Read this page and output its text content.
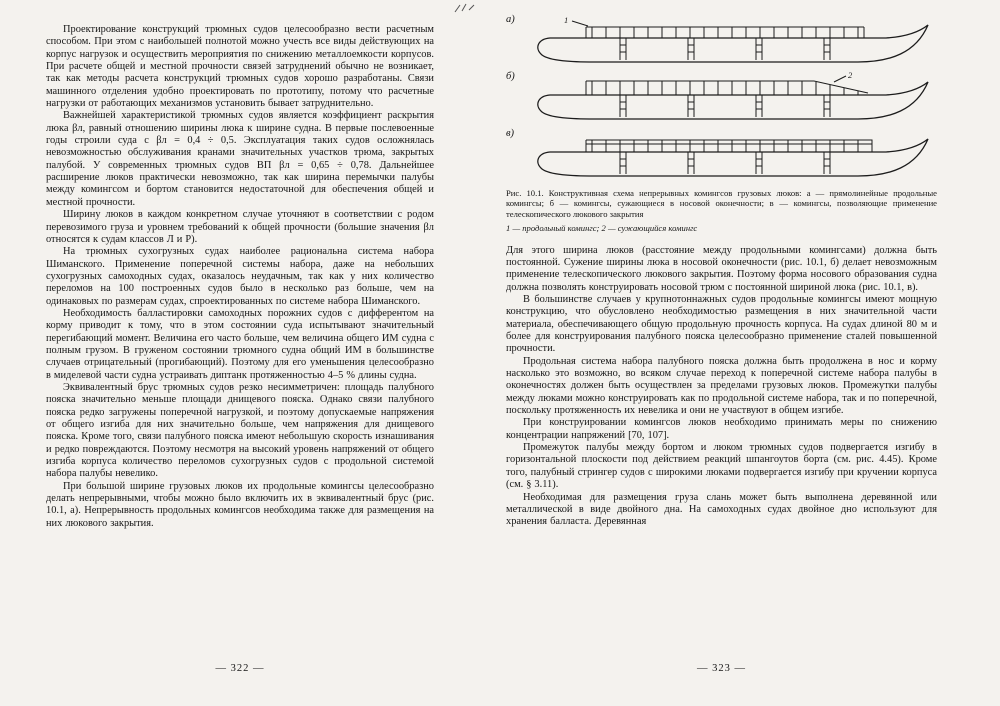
Проектирование конструкций трюмных судов целесообразно вести расчетным способом. При этом с наибольшей полнотой можно учесть все виды действующих на корпус нагрузок и осуществить мероприятия по снижению металлоемкости корпусов. При расчете общей и местной прочности связей затруднений обычно не возникает, так как методы расчета конструкций трюмных судов хорошо разработаны. Связи машинного отделения удобно проектировать по прототипу, потому что расчетные нагрузки от работающих механизмов установить бывает затруднительно.

Важнейшей характеристикой трюмных судов является коэффициент раскрытия люка βл, равный отношению ширины люка к ширине судна. В первые послевоенные годы строили суда с βл = 0,4 ÷ 0,5. Эксплуатация таких судов осложнялась невозможностью обслуживания кранами значительных участков трюма, закрытых палубой. У современных трюмных судов ВП βл = 0,65 ÷ 0,78. Дальнейшее расширение люков практически невозможно, так как ширина перемычки палубы между комингсом и бортом становится недостаточной для обеспечения общей и местной прочности.

Ширину люков в каждом конкретном случае уточняют в соответствии с родом перевозимого груза и уровнем требований к общей прочности (большие значения βл относятся к судам классов Л и Р).

На трюмных сухогрузных судах наиболее рациональна система набора Шиманского. Применение поперечной системы набора, даже на небольших сухогрузных самоходных судах, оказалось неудачным, так как у них количество переломов на 100 построенных судов было в несколько раз больше, чем на одинаковых по размерам судах, спроектированных по системе набора Шиманского.

Необходимость балластировки самоходных порожних судов с дифферентом на корму приводит к тому, что в этом состоянии суда испытывают значительный перегибающий момент. Величина его часто больше, чем величина общего ИМ судна с полным грузом. В груженом состоянии трюмного судна общий ИМ в большинстве случаев отрицательный (прогибающий). Поэтому для его уменьшения целесообразно в миделевой части судна устраивать диптанк протяженностью 4–5 % длины судна.

Эквивалентный брус трюмных судов резко несимметричен: площадь палубного пояска значительно меньше площади днищевого пояска. Однако связи палубного пояска редко загружены поперечной нагрузкой, и поэтому допускаемые напряжения от общего изгиба для них значительно больше, чем напряжения для днищевого пояска. Кроме того, связи палубного пояска имеют небольшую скорость изнашивания и редко повреждаются. Поэтому несмотря на высокий уровень напряжений от общего изгиба корпуса количество переломов сухогрузных судов с продольной системой набора палубы невелико.

При большой ширине грузовых люков их продольные комингсы целесообразно делать непрерывными, чтобы можно было включить их в эквивалентный брус (рис. 10.1, а). Непрерывность продольных комингсов необходима также для размещения на них люкового закрытия.

— 322 —
а)	1
б)	2
в)

Рис. 10.1. Конструктивная схема непрерывных комингсов грузовых люков: а — прямолинейные продольные комингсы; б — комингсы, сужающиеся в носовой оконечности; в — комингсы, позволяющие применение телескопического люкового закрытия

1 — продольный комингс; 2 — сужающийся комингс

Для этого ширина люков (расстояние между продольными комингсами) должна быть постоянной. Сужение ширины люка в носовой оконечности (рис. 10.1, б) делает невозможным применение телескопического люкового закрытия. Поэтому форма носового образования судна должна позволять конструировать носовой трюм с постоянной шириной люка (рис. 10.1, в).

В большинстве случаев у крупнотоннажных судов продольные комингсы имеют мощную конструкцию, что обусловлено необходимостью размещения в них значительной части материала, обеспечивающего общую продольную прочность корпуса. На судах длиной 80 м и более для конструирования палубного пояска целесообразно применение сталей повышенной прочности.

Продольная система набора палубного пояска должна быть продолжена в нос и корму насколько это возможно, во всяком случае переход к поперечной системе набора палубы в оконечностях должен быть осуществлен за пределами грузовых люков. Промежутки палубы между люками можно конструировать как по продольной системе набора, так и по поперечной, поскольку протяженность их невелика и они не участвуют в общем изгибе.

При конструировании комингсов люков необходимо принимать меры по снижению концентрации напряжений [70, 107].

Промежуток палубы между бортом и люком трюмных судов подвергается изгибу в горизонтальной плоскости под действием реакций шпангоутов борта (см. рис. 4.45). Кроме того, палубный стрингер судов с широкими люками подвергается изгибу при кручении корпуса (см. § 3.11).

Необходимая для размещения груза слань может быть выполнена деревянной или металлической в виде двойного дна. На самоходных судах двойное дно используют для хранения балласта. Деревянная

— 323 —
